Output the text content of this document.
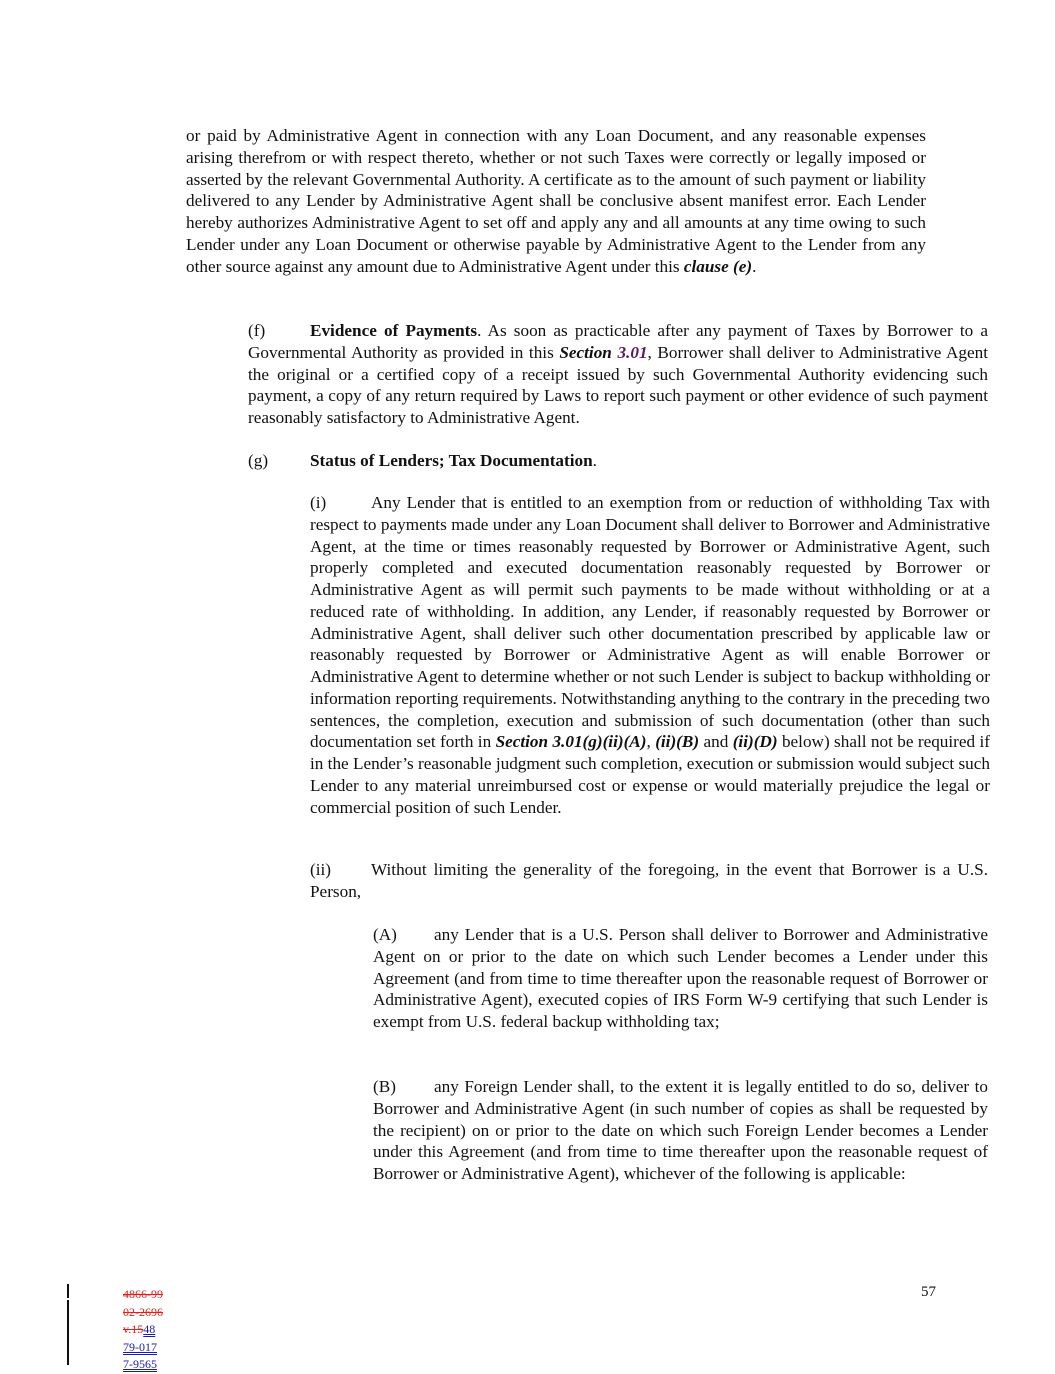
or paid by Administrative Agent in connection with any Loan Document, and any reasonable expenses arising therefrom or with respect thereto, whether or not such Taxes were correctly or legally imposed or asserted by the relevant Governmental Authority. A certificate as to the amount of such payment or liability delivered to any Lender by Administrative Agent shall be conclusive absent manifest error. Each Lender hereby authorizes Administrative Agent to set off and apply any and all amounts at any time owing to such Lender under any Loan Document or otherwise payable by Administrative Agent to the Lender from any other source against any amount due to Administrative Agent under this clause (e).

(f)	Evidence of Payments. As soon as practicable after any payment of Taxes by Borrower to a Governmental Authority as provided in this Section 3.01, Borrower shall deliver to Administrative Agent the original or a certified copy of a receipt issued by such Governmental Authority evidencing such payment, a copy of any return required by Laws to report such payment or other evidence of such payment reasonably satisfactory to Administrative Agent.

(g) Status of Lenders; Tax Documentation.

(i)	Any Lender that is entitled to an exemption from or reduction of withholding Tax with respect to payments made under any Loan Document shall deliver to Borrower and Administrative Agent, at the time or times reasonably requested by Borrower or Administrative Agent, such properly completed and executed documentation reasonably requested by Borrower or Administrative Agent as will permit such payments to be made without withholding or at a reduced rate of withholding. In addition, any Lender, if reasonably requested by Borrower or Administrative Agent, shall deliver such other documentation prescribed by applicable law or reasonably requested by Borrower or Administrative Agent as will enable Borrower or Administrative Agent to determine whether or not such Lender is subject to backup withholding or information reporting requirements. Notwithstanding anything to the contrary in the preceding two sentences, the completion, execution and submission of such documentation (other than such documentation set forth in Section 3.01(g)(ii)(A), (ii)(B) and (ii)(D) below) shall not be required if in the Lender’s reasonable judgment such completion, execution or submission would subject such Lender to any material unreimbursed cost or expense or would materially prejudice the legal or commercial position of such Lender.

(ii) Without limiting the generality of the foregoing, in the event that Borrower is a U.S. Person,

(A) any Lender that is a U.S. Person shall deliver to Borrower and Administrative Agent on or prior to the date on which such Lender becomes a Lender under this Agreement (and from time to time thereafter upon the reasonable request of Borrower or Administrative Agent), executed copies of IRS Form W-9 certifying that such Lender is exempt from U.S. federal backup withholding tax;

(B) any Foreign Lender shall, to the extent it is legally entitled to do so, deliver to Borrower and Administrative Agent (in such number of copies as shall be requested by the recipient) on or prior to the date on which such Foreign Lender becomes a Lender under this Agreement (and from time to time thereafter upon the reasonable request of Borrower or Administrative Agent), whichever of the following is applicable:

57
4866-99
02-2696
v.1548
79-017
7-9565
